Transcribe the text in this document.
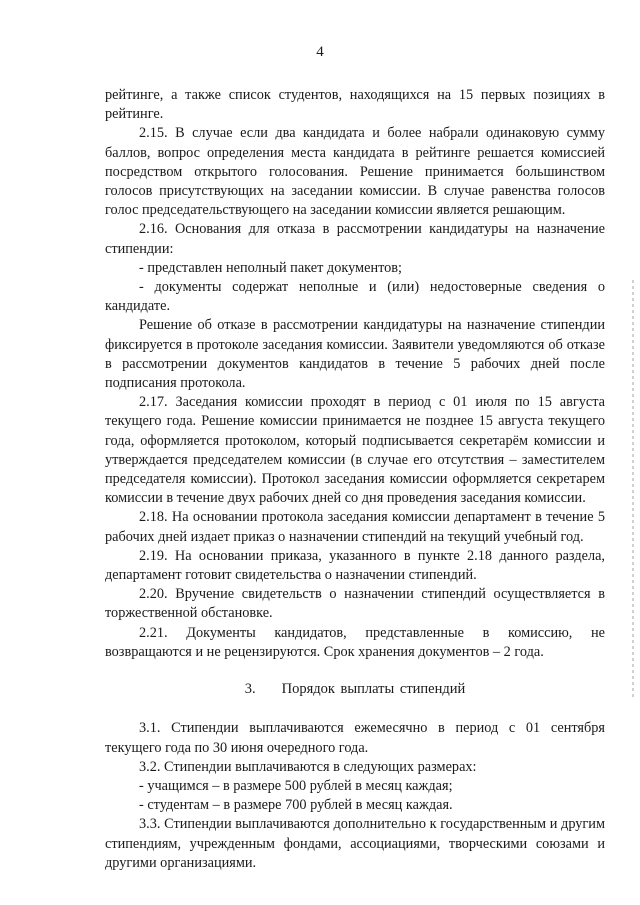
4

рейтинге, а также список студентов, находящихся на 15 первых позициях в рейтинге.

2.15. В случае если два кандидата и более набрали одинаковую сумму баллов, вопрос определения места кандидата в рейтинге решается комиссией посредством открытого голосования. Решение принимается большинством голосов присутствующих на заседании комиссии. В случае равенства голосов голос председательствующего на заседании комиссии является решающим.

2.16. Основания для отказа в рассмотрении кандидатуры на назначение стипендии:

- представлен неполный пакет документов;

- документы содержат неполные и (или) недостоверные сведения о кандидате.

Решение об отказе в рассмотрении кандидатуры на назначение стипендии фиксируется в протоколе заседания комиссии. Заявители уведомляются об отказе в рассмотрении документов кандидатов в течение 5 рабочих дней после подписания протокола.

2.17. Заседания комиссии проходят в период с 01 июля по 15 августа текущего года. Решение комиссии принимается не позднее 15 августа текущего года, оформляется протоколом, который подписывается секретарём комиссии и утверждается председателем комиссии (в случае его отсутствия – заместителем председателя комиссии). Протокол заседания комиссии оформляется секретарем комиссии в течение двух рабочих дней со дня проведения заседания комиссии.

2.18. На основании протокола заседания комиссии департамент в течение 5 рабочих дней издает приказ о назначении стипендий на текущий учебный год.

2.19. На основании приказа, указанного в пункте 2.18 данного раздела, департамент готовит свидетельства о назначении стипендий.

2.20. Вручение свидетельств о назначении стипендий осуществляется в торжественной обстановке.

2.21. Документы кандидатов, представленные в комиссию, не возвращаются и не рецензируются. Срок хранения документов – 2 года.

3. Порядок выплаты стипендий

3.1. Стипендии выплачиваются ежемесячно в период с 01 сентября текущего года по 30 июня очередного года.

3.2. Стипендии выплачиваются в следующих размерах:

- учащимся – в размере 500 рублей в месяц каждая;

- студентам – в размере 700 рублей в месяц каждая.

3.3. Стипендии выплачиваются дополнительно к государственным и другим стипендиям, учрежденным фондами, ассоциациями, творческими союзами и другими организациями.
